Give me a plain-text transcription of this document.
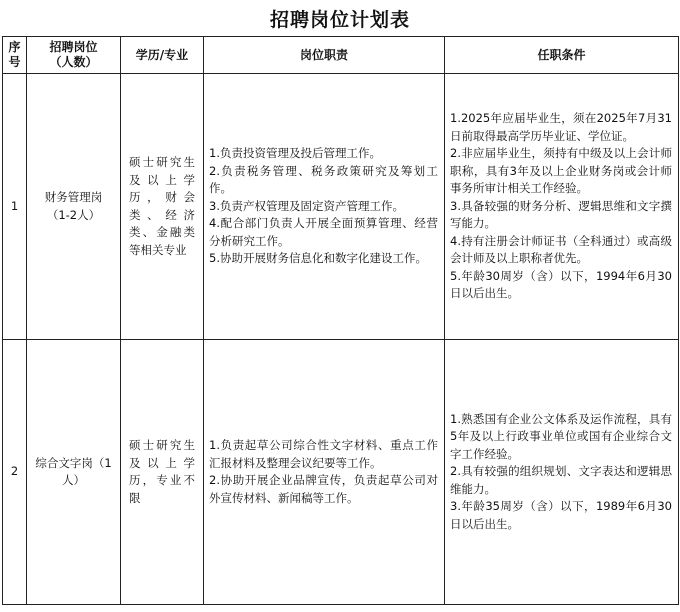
招聘岗位计划表
序号	招聘岗位（人数）	学历/专业	岗位职责	任职条件
1	财务管理岗（1-2人）	硕士研究生及以上学历，财会类、经济类、金融类等相关专业	1.负责投资管理及投后管理工作。
2.负责税务管理、税务政策研究及筹划工作。
3.负责产权管理及固定资产管理工作。
4.配合部门负责人开展全面预算管理、经营分析研究工作。
5.协助开展财务信息化和数字化建设工作。	1.2025年应届毕业生，须在2025年7月31日前取得最高学历毕业证、学位证。
2.非应届毕业生，须持有中级及以上会计师职称，具有3年及以上企业财务岗或会计师事务所审计相关工作经验。
3.具备较强的财务分析、逻辑思维和文字撰写能力。
4.持有注册会计师证书（全科通过）或高级会计师及以上职称者优先。
5.年龄30周岁（含）以下，1994年6月30日以后出生。

2	综合文字岗（1人）	硕士研究生及以上学历，专业不限	1.负责起草公司综合性文字材料、重点工作汇报材料及整理会议纪要等工作。
2.协助开展企业品牌宣传，负责起草公司对外宣传材料、新闻稿等工作。	1.熟悉国有企业公文体系及运作流程，具有5年及以上行政事业单位或国有企业综合文字工作经验。
2.具有较强的组织规划、文字表达和逻辑思维能力。
3.年龄35周岁（含）以下，1989年6月30日以后出生。
